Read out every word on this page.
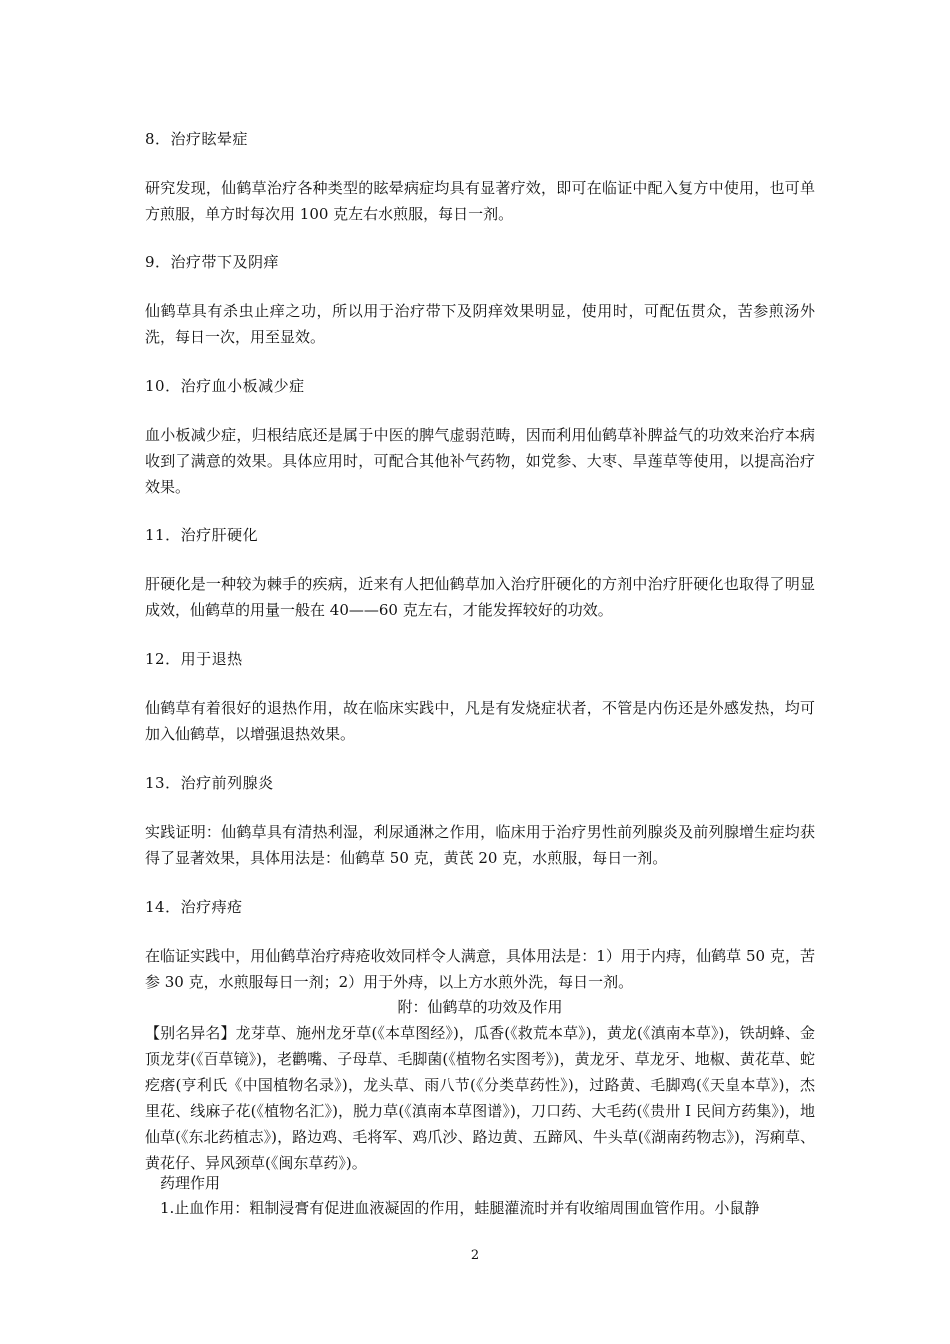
8．治疗眩晕症

研究发现，仙鹤草治疗各种类型的眩晕病症均具有显著疗效，即可在临证中配入复方中使用，也可单方煎服，单方时每次用 100 克左右水煎服，每日一剂。

9．治疗带下及阴痒

仙鹤草具有杀虫止痒之功，所以用于治疗带下及阴痒效果明显，使用时，可配伍贯众，苦参煎汤外洗，每日一次，用至显效。

10．治疗血小板减少症

血小板减少症，归根结底还是属于中医的脾气虚弱范畴，因而利用仙鹤草补脾益气的功效来治疗本病收到了满意的效果。具体应用时，可配合其他补气药物，如党参、大枣、旱莲草等使用，以提高治疗效果。

11．治疗肝硬化

肝硬化是一种较为棘手的疾病，近来有人把仙鹤草加入治疗肝硬化的方剂中治疗肝硬化也取得了明显成效，仙鹤草的用量一般在 40——60 克左右，才能发挥较好的功效。

12．用于退热

仙鹤草有着很好的退热作用，故在临床实践中，凡是有发烧症状者，不管是内伤还是外感发热，均可加入仙鹤草，以增强退热效果。

13．治疗前列腺炎

实践证明：仙鹤草具有清热利湿，利尿通淋之作用，临床用于治疗男性前列腺炎及前列腺增生症均获得了显著效果，具体用法是：仙鹤草 50 克，黄芪 20 克，水煎服，每日一剂。

14．治疗痔疮

在临证实践中，用仙鹤草治疗痔疮收效同样令人满意，具体用法是：1）用于内痔，仙鹤草 50 克，苦参 30 克，水煎服每日一剂；2）用于外痔，以上方水煎外洗，每日一剂。

附：仙鹤草的功效及作用

【别名异名】龙芽草、施州龙牙草(《本草图经》)，瓜香(《救荒本草》)，黄龙(《滇南本草》)，铁胡蜂、金顶龙芽(《百草镜》)，老鹳嘴、子母草、毛脚菌(《植物名实图考》)，黄龙牙、草龙牙、地椒、黄花草、蛇疙瘩(亨利氏《中国植物名录》)，龙头草、雨八节(《分类草药性》)，过路黄、毛脚鸡(《天皇本草》)，杰里花、线麻子花(《植物名汇》)，脱力草(《滇南本草图谱》)，刀口药、大毛药(《贵卅 I 民间方药集》)，地仙草(《东北药植志》)，路边鸡、毛将军、鸡爪沙、路边黄、五蹄风、牛头草(《湖南药物志》)，泻痢草、黄花仔、异风颈草(《闽东草药》)。

药理作用

1.止血作用：粗制浸膏有促进血液凝固的作用，蛙腿灌流时并有收缩周围血管作用。小鼠静

2
